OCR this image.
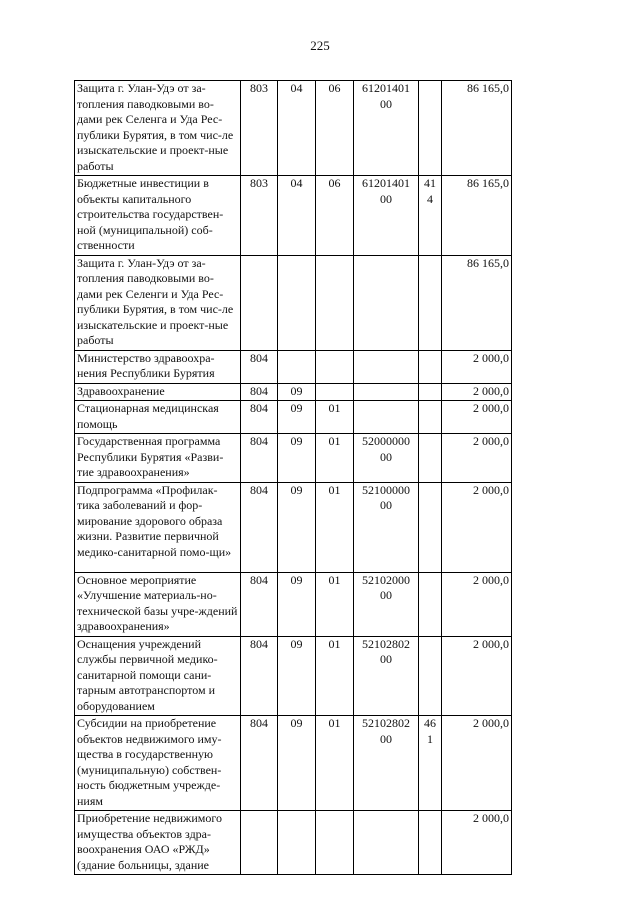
225
Защита г. Улан-Удэ от за-топления паводковыми во-дами рек Селенга и Уда Рес-публики Бурятия, в том чис-ле изыскательские и проект-ные работы	803	04	06	61201401 00		86 165,0
Бюджетные инвестиции в объекты капитального строительства государствен-ной (муниципальной) соб-ственности	803	04	06	61201401 00	41 4	86 165,0
Защита г. Улан-Удэ от за-топления паводковыми во-дами рек Селенги и Уда Рес-публики Бурятия, в том чис-ле изыскательские и проект-ные работы						86 165,0
Министерство здравоохра-нения Республики Бурятия	804					2 000,0
Здравоохранение	804	09				2 000,0
Стационарная медицинская помощь	804	09	01			2 000,0
Государственная программа Республики Бурятия «Разви-тие здравоохранения»	804	09	01	52000000 00		2 000,0
Подпрограмма «Профилак-тика заболеваний и фор-мирование здорового образа жизни. Развитие первичной медико-санитарной помо-щи»	804	09	01	52100000 00		2 000,0
Основное мероприятие «Улучшение материаль-но-технической базы учре-ждений здравоохранения»	804	09	01	52102000 00		2 000,0
Оснащения учреждений службы первичной медико-санитарной помощи сани-тарным автотранспортом и оборудованием	804	09	01	52102802 00		2 000,0
Субсидии на приобретение объектов недвижимого иму-щества в государственную (муниципальную) собствен-ность бюджетным учрежде-ниям	804	09	01	52102802 00	46 1	2 000,0
Приобретение недвижимого имущества объектов здра-воохранения ОАО «РЖД» (здание больницы, здание						2 000,0
